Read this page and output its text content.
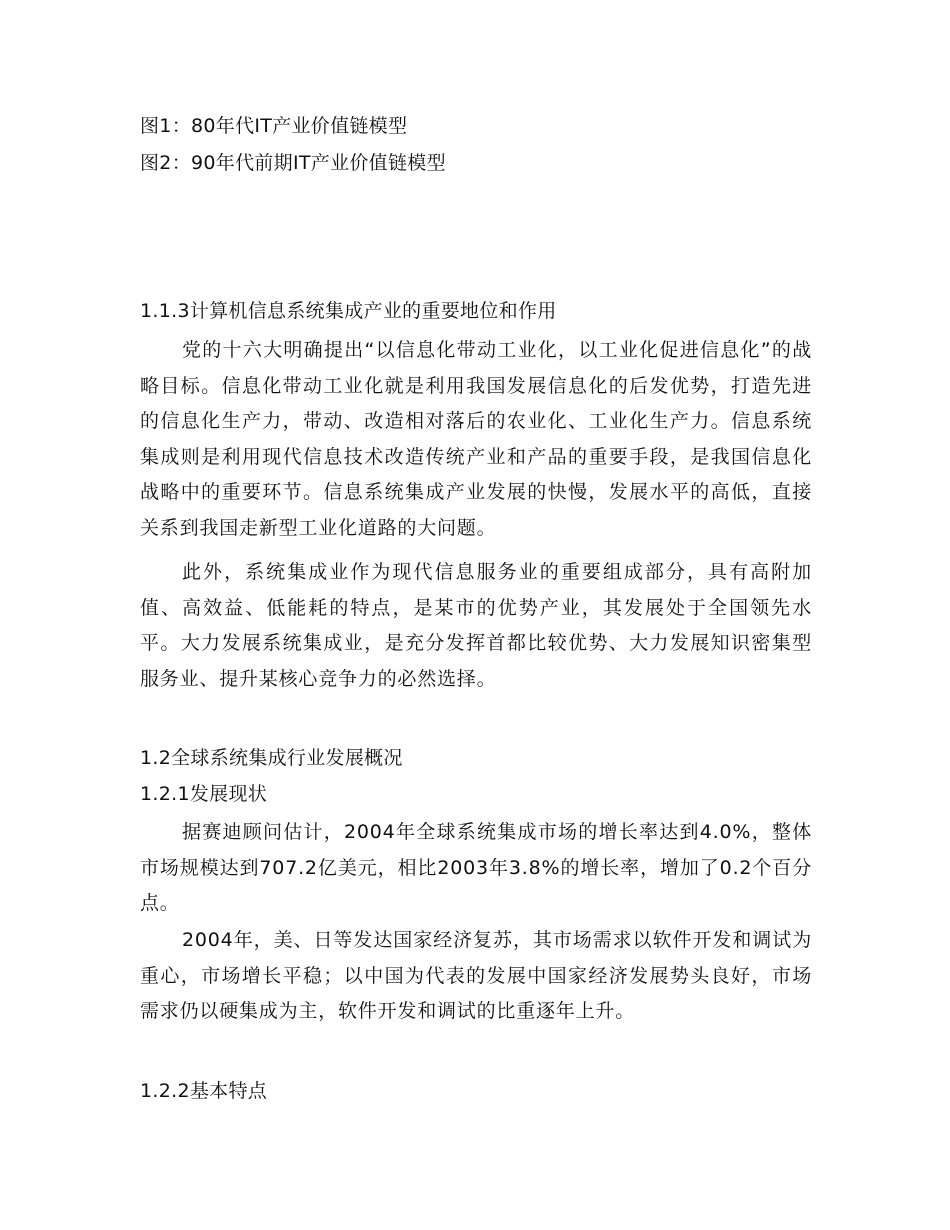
图1：80年代IT产业价值链模型
图2：90年代前期IT产业价值链模型
1.1.3计算机信息系统集成产业的重要地位和作用
党的十六大明确提出“以信息化带动工业化，以工业化促进信息化”的战略目标。信息化带动工业化就是利用我国发展信息化的后发优势，打造先进的信息化生产力，带动、改造相对落后的农业化、工业化生产力。信息系统集成则是利用现代信息技术改造传统产业和产品的重要手段，是我国信息化战略中的重要环节。信息系统集成产业发展的快慢，发展水平的高低，直接关系到我国走新型工业化道路的大问题。
此外，系统集成业作为现代信息服务业的重要组成部分，具有高附加值、高效益、低能耗的特点，是某市的优势产业，其发展处于全国领先水平。大力发展系统集成业，是充分发挥首都比较优势、大力发展知识密集型服务业、提升某核心竞争力的必然选择。
1.2全球系统集成行业发展概况
1.2.1发展现状
据赛迪顾问估计，2004年全球系统集成市场的增长率达到4.0%，整体市场规模达到707.2亿美元，相比2003年3.8%的增长率，增加了0.2个百分点。
2004年，美、日等发达国家经济复苏，其市场需求以软件开发和调试为重心，市场增长平稳；以中国为代表的发展中国家经济发展势头良好，市场需求仍以硬集成为主，软件开发和调试的比重逐年上升。
1.2.2基本特点
